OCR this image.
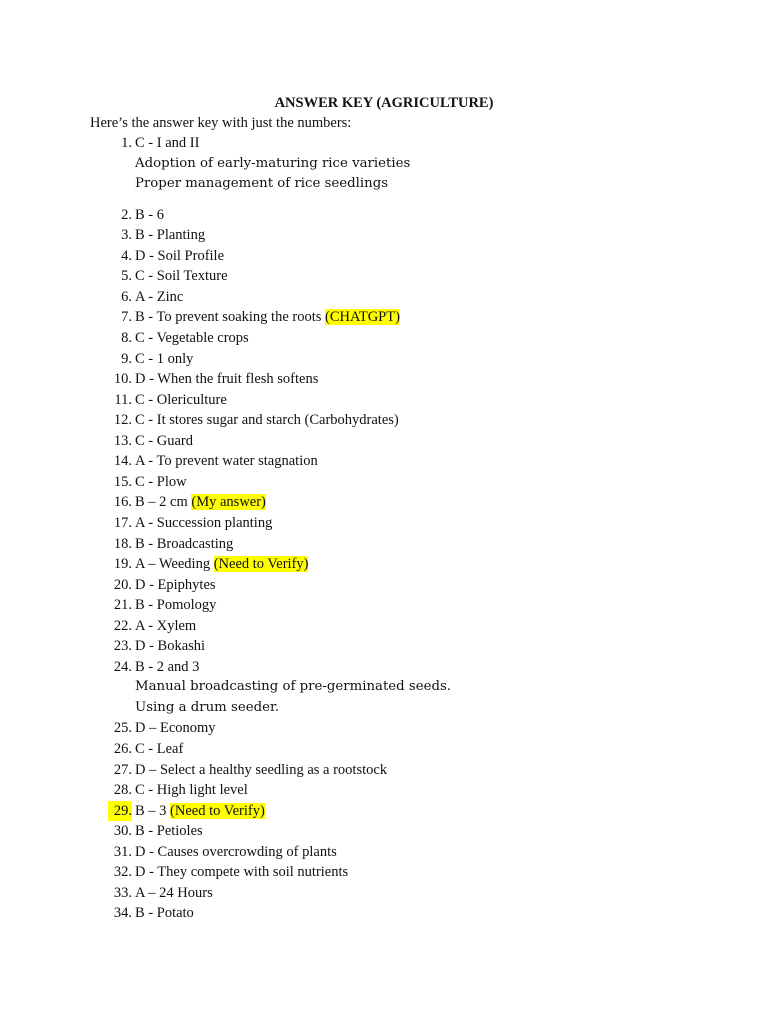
ANSWER KEY (AGRICULTURE)
Here’s the answer key with just the numbers:
1. C - I and II
Adoption of early-maturing rice varieties
Proper management of rice seedlings
2. B - 6
3. B - Planting
4. D - Soil Profile
5. C - Soil Texture
6. A - Zinc
7. B - To prevent soaking the roots (CHATGPT)
8. C - Vegetable crops
9. C - 1 only
10. D - When the fruit flesh softens
11. C - Olericulture
12. C - It stores sugar and starch (Carbohydrates)
13. C - Guard
14. A - To prevent water stagnation
15. C - Plow
16. B – 2 cm (My answer)
17. A - Succession planting
18. B - Broadcasting
19. A – Weeding (Need to Verify)
20. D - Epiphytes
21. B - Pomology
22. A - Xylem
23. D - Bokashi
24. B - 2 and 3
Manual broadcasting of pre-germinated seeds.
Using a drum seeder.
25. D – Economy
26. C - Leaf
27. D – Select a healthy seedling as a rootstock
28. C - High light level
29. B – 3 (Need to Verify)
30. B - Petioles
31. D - Causes overcrowding of plants
32. D - They compete with soil nutrients
33. A – 24 Hours
34. B - Potato
